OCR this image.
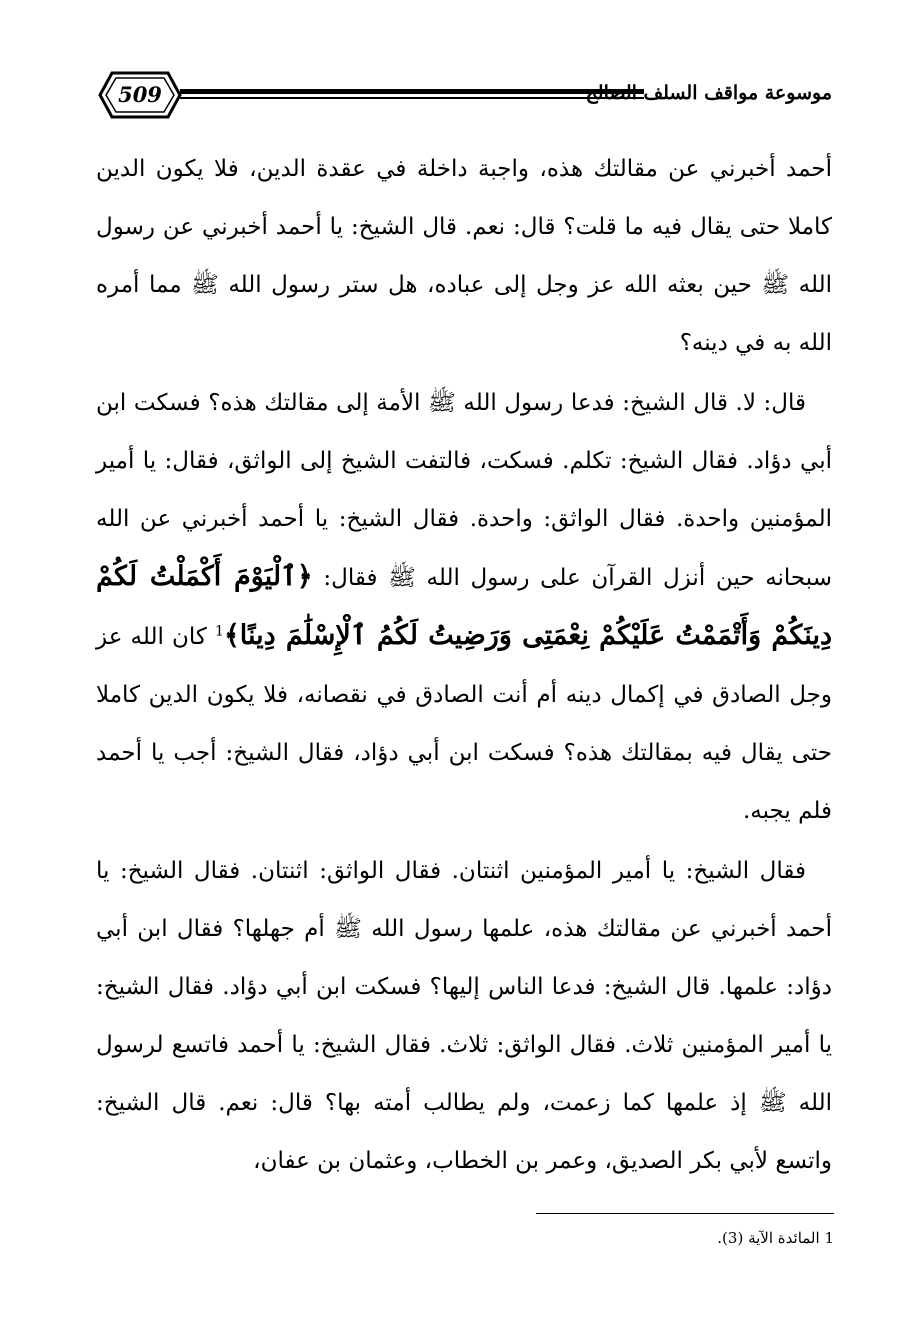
509	موسوعة مواقف السلف الصالح

أحمد أخبرني عن مقالتك هذه، واجبة داخلة في عقدة الدين، فلا يكون الدين كاملا حتى يقال فيه ما قلت؟ قال: نعم. قال الشيخ: يا أحمد أخبرني عن رسول الله ﷺ حين بعثه الله عز وجل إلى عباده، هل ستر رسول الله ﷺ مما أمره الله به في دينه؟

قال: لا. قال الشيخ: فدعا رسول الله ﷺ الأمة إلى مقالتك هذه؟ فسكت ابن أبي دؤاد. فقال الشيخ: تكلم. فسكت، فالتفت الشيخ إلى الواثق، فقال: يا أمير المؤمنين واحدة. فقال الواثق: واحدة. فقال الشيخ: يا أحمد أخبرني عن الله سبحانه حين أنزل القرآن على رسول الله ﷺ فقال: ﴿ٱلْيَوْمَ أَكْمَلْتُ لَكُمْ دِينَكُمْ وَأَتْمَمْتُ عَلَيْكُمْ نِعْمَتِى وَرَضِيتُ لَكُمُ ٱلْإِسْلَٰمَ دِينًا﴾$^1$ كان الله عز وجل الصادق في إكمال دينه أم أنت الصادق في نقصانه، فلا يكون الدين كاملا حتى يقال فيه بمقالتك هذه؟ فسكت ابن أبي دؤاد، فقال الشيخ: أجب يا أحمد فلم يجبه.

فقال الشيخ: يا أمير المؤمنين اثنتان. فقال الواثق: اثنتان. فقال الشيخ: يا أحمد أخبرني عن مقالتك هذه، علمها رسول الله ﷺ أم جهلها؟ فقال ابن أبي دؤاد: علمها. قال الشيخ: فدعا الناس إليها؟ فسكت ابن أبي دؤاد. فقال الشيخ: يا أمير المؤمنين ثلاث. فقال الواثق: ثلاث. فقال الشيخ: يا أحمد فاتسع لرسول الله ﷺ إذ علمها كما زعمت، ولم يطالب أمته بها؟ قال: نعم. قال الشيخ: واتسع لأبي بكر الصديق، وعمر بن الخطاب، وعثمان بن عفان،

1 المائدة الآية (3).
